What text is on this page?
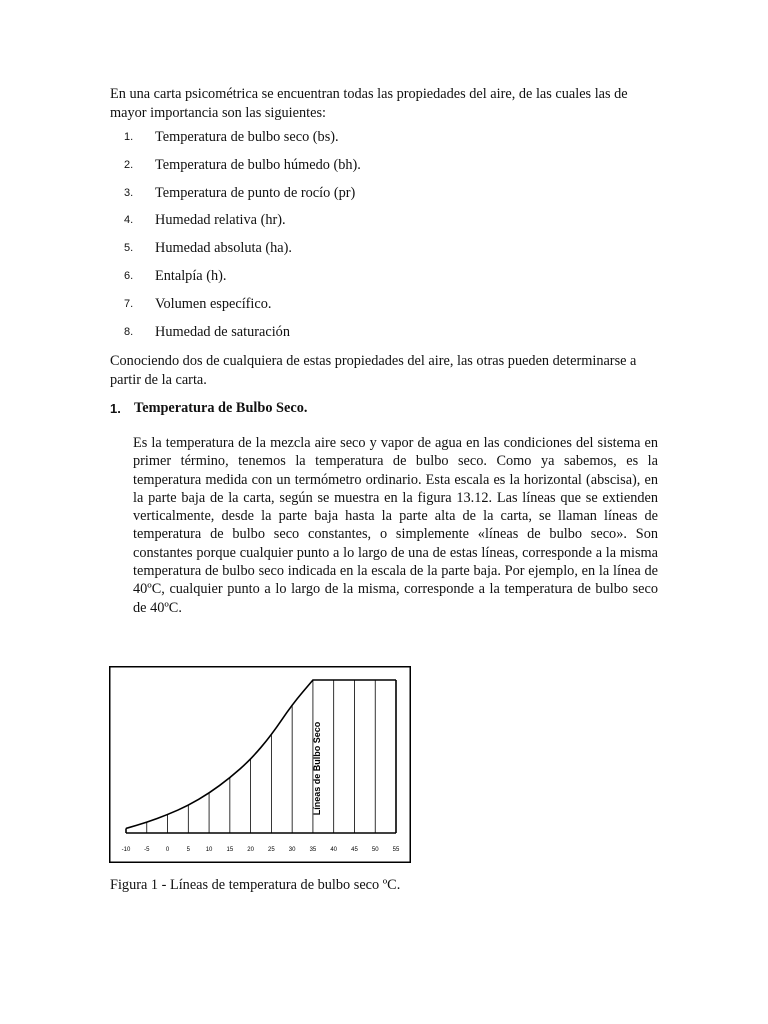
En una carta psicométrica se encuentran todas las propiedades del aire, de las cuales las de mayor importancia son las siguientes:

1.	Temperatura de bulbo seco (bs).
2.	Temperatura de bulbo húmedo (bh).
3.	Temperatura de punto de rocío (pr)
4.	Humedad relativa (hr).
5.	Humedad absoluta (ha).
6.	Entalpía (h).
7.	Volumen específico.
8.	Humedad de saturación

Conociendo dos de cualquiera de estas propiedades del aire, las otras pueden determinarse a partir de la carta.

1. Temperatura de Bulbo Seco.

Es la temperatura de la mezcla aire seco y vapor de agua en las condiciones del sistema en primer término, tenemos la temperatura de bulbo seco. Como ya sabemos, es la temperatura medida con un termómetro ordinario. Esta escala es la horizontal (abscisa), en la parte baja de la carta, según se muestra en la figura 13.12. Las líneas que se extienden verticalmente, desde la parte baja hasta la parte alta de la carta, se llaman líneas de temperatura de bulbo seco constantes, o simplemente «líneas de bulbo seco». Son constantes porque cualquier punto a lo largo de una de estas líneas, corresponde a la misma temperatura de bulbo seco indicada en la escala de la parte baja. Por ejemplo, en la línea de 40ºC, cualquier punto a lo largo de la misma, corresponde a la temperatura de bulbo seco de 40ºC.

-10 -5	0	5	10 15 20 25 30 35 40 45 50 55
Líneas de Bulbo Seco

Figura 1 - Líneas de temperatura de bulbo seco ºC.
